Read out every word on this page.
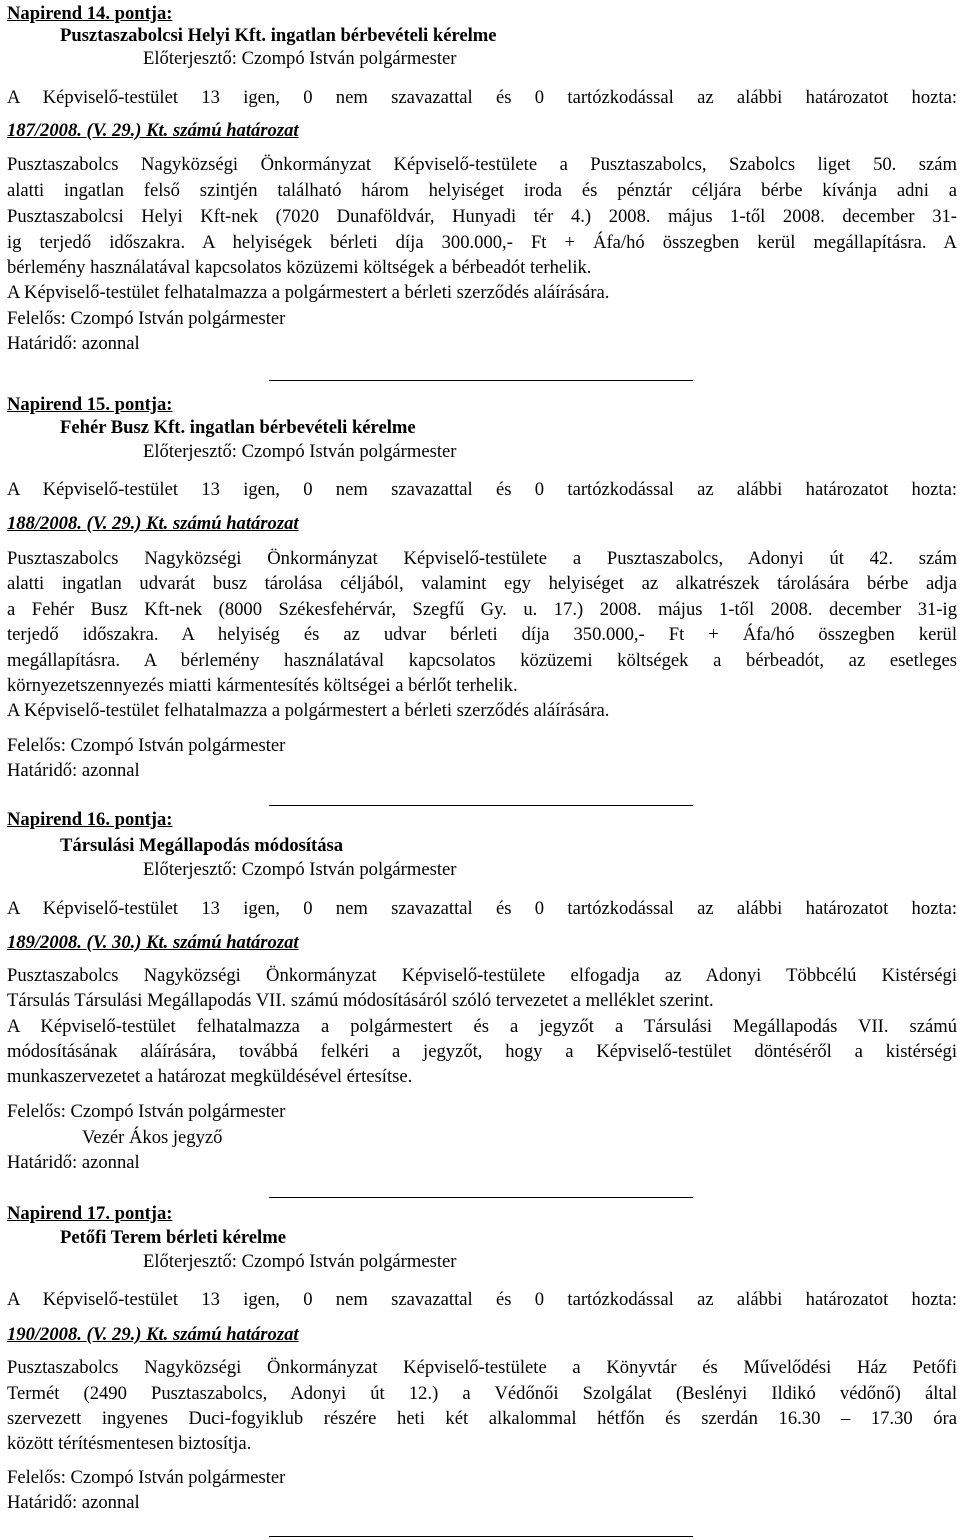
Napirend 14. pontja:
Pusztaszabolcsi Helyi Kft. ingatlan bérbevételi kérelme
Előterjesztő: Czompó István polgármester
A Képviselő-testület 13 igen, 0 nem szavazattal és 0 tartózkodással az alábbi határozatot hozta:
187/2008. (V. 29.) Kt. számú határozat
Pusztaszabolcs Nagyközségi Önkormányzat Képviselő-testülete a Pusztaszabolcs, Szabolcs liget 50. szám
alatti ingatlan felső szintjén található három helyiséget iroda és pénztár céljára bérbe kívánja adni a
Pusztaszabolcsi Helyi Kft-nek (7020 Dunaföldvár, Hunyadi tér 4.) 2008. május 1-től 2008. december 31-
ig terjedő időszakra. A helyiségek bérleti díja 300.000,- Ft + Áfa/hó összegben kerül megállapításra. A
bérlemény használatával kapcsolatos közüzemi költségek a bérbeadót terhelik.
A Képviselő-testület felhatalmazza a polgármestert a bérleti szerződés aláírására.
Felelős: Czompó István polgármester
Határidő: azonnal
Napirend 15. pontja:
Fehér Busz Kft. ingatlan bérbevételi kérelme
Előterjesztő: Czompó István polgármester
A Képviselő-testület 13 igen, 0 nem szavazattal és 0 tartózkodással az alábbi határozatot hozta:
188/2008. (V. 29.) Kt. számú határozat
Pusztaszabolcs Nagyközségi Önkormányzat Képviselő-testülete a Pusztaszabolcs, Adonyi út 42. szám
alatti ingatlan udvarát busz tárolása céljából, valamint egy helyiséget az alkatrészek tárolására bérbe adja
a Fehér Busz Kft-nek (8000 Székesfehérvár, Szegfű Gy. u. 17.) 2008. május 1-től 2008. december 31-ig
terjedő időszakra. A helyiség és az udvar bérleti díja 350.000,- Ft + Áfa/hó összegben kerül
megállapításra. A bérlemény használatával kapcsolatos közüzemi költségek a bérbeadót, az esetleges
környezetszennyezés miatti kármentesítés költségei a bérlőt terhelik.
A Képviselő-testület felhatalmazza a polgármestert a bérleti szerződés aláírására.
Felelős: Czompó István polgármester
Határidő: azonnal
Napirend 16. pontja:
Társulási Megállapodás módosítása
Előterjesztő: Czompó István polgármester
A Képviselő-testület 13 igen, 0 nem szavazattal és 0 tartózkodással az alábbi határozatot hozta:
189/2008. (V. 30.) Kt. számú határozat
Pusztaszabolcs Nagyközségi Önkormányzat Képviselő-testülete elfogadja az Adonyi Többcélú Kistérségi
Társulás Társulási Megállapodás VII. számú módosításáról szóló tervezetet a melléklet szerint.
A Képviselő-testület felhatalmazza a polgármestert és a jegyzőt a Társulási Megállapodás VII. számú
módosításának aláírására, továbbá felkéri a jegyzőt, hogy a Képviselő-testület döntéséről a kistérségi
munkaszervezetet a határozat megküldésével értesítse.
Felelős: Czompó István polgármester
Vezér Ákos jegyző
Határidő: azonnal
Napirend 17. pontja:
Petőfi Terem bérleti kérelme
Előterjesztő: Czompó István polgármester
A Képviselő-testület 13 igen, 0 nem szavazattal és 0 tartózkodással az alábbi határozatot hozta:
190/2008. (V. 29.) Kt. számú határozat
Pusztaszabolcs Nagyközségi Önkormányzat Képviselő-testülete a Könyvtár és Művelődési Ház Petőfi
Termét (2490 Pusztaszabolcs, Adonyi út 12.) a Védőnői Szolgálat (Beslényi Ildikó védőnő) által
szervezett ingyenes Duci-fogyiklub részére heti két alkalommal hétfőn és szerdán 16.30 – 17.30 óra
között térítésmentesen biztosítja.
Felelős: Czompó István polgármester
Határidő: azonnal
